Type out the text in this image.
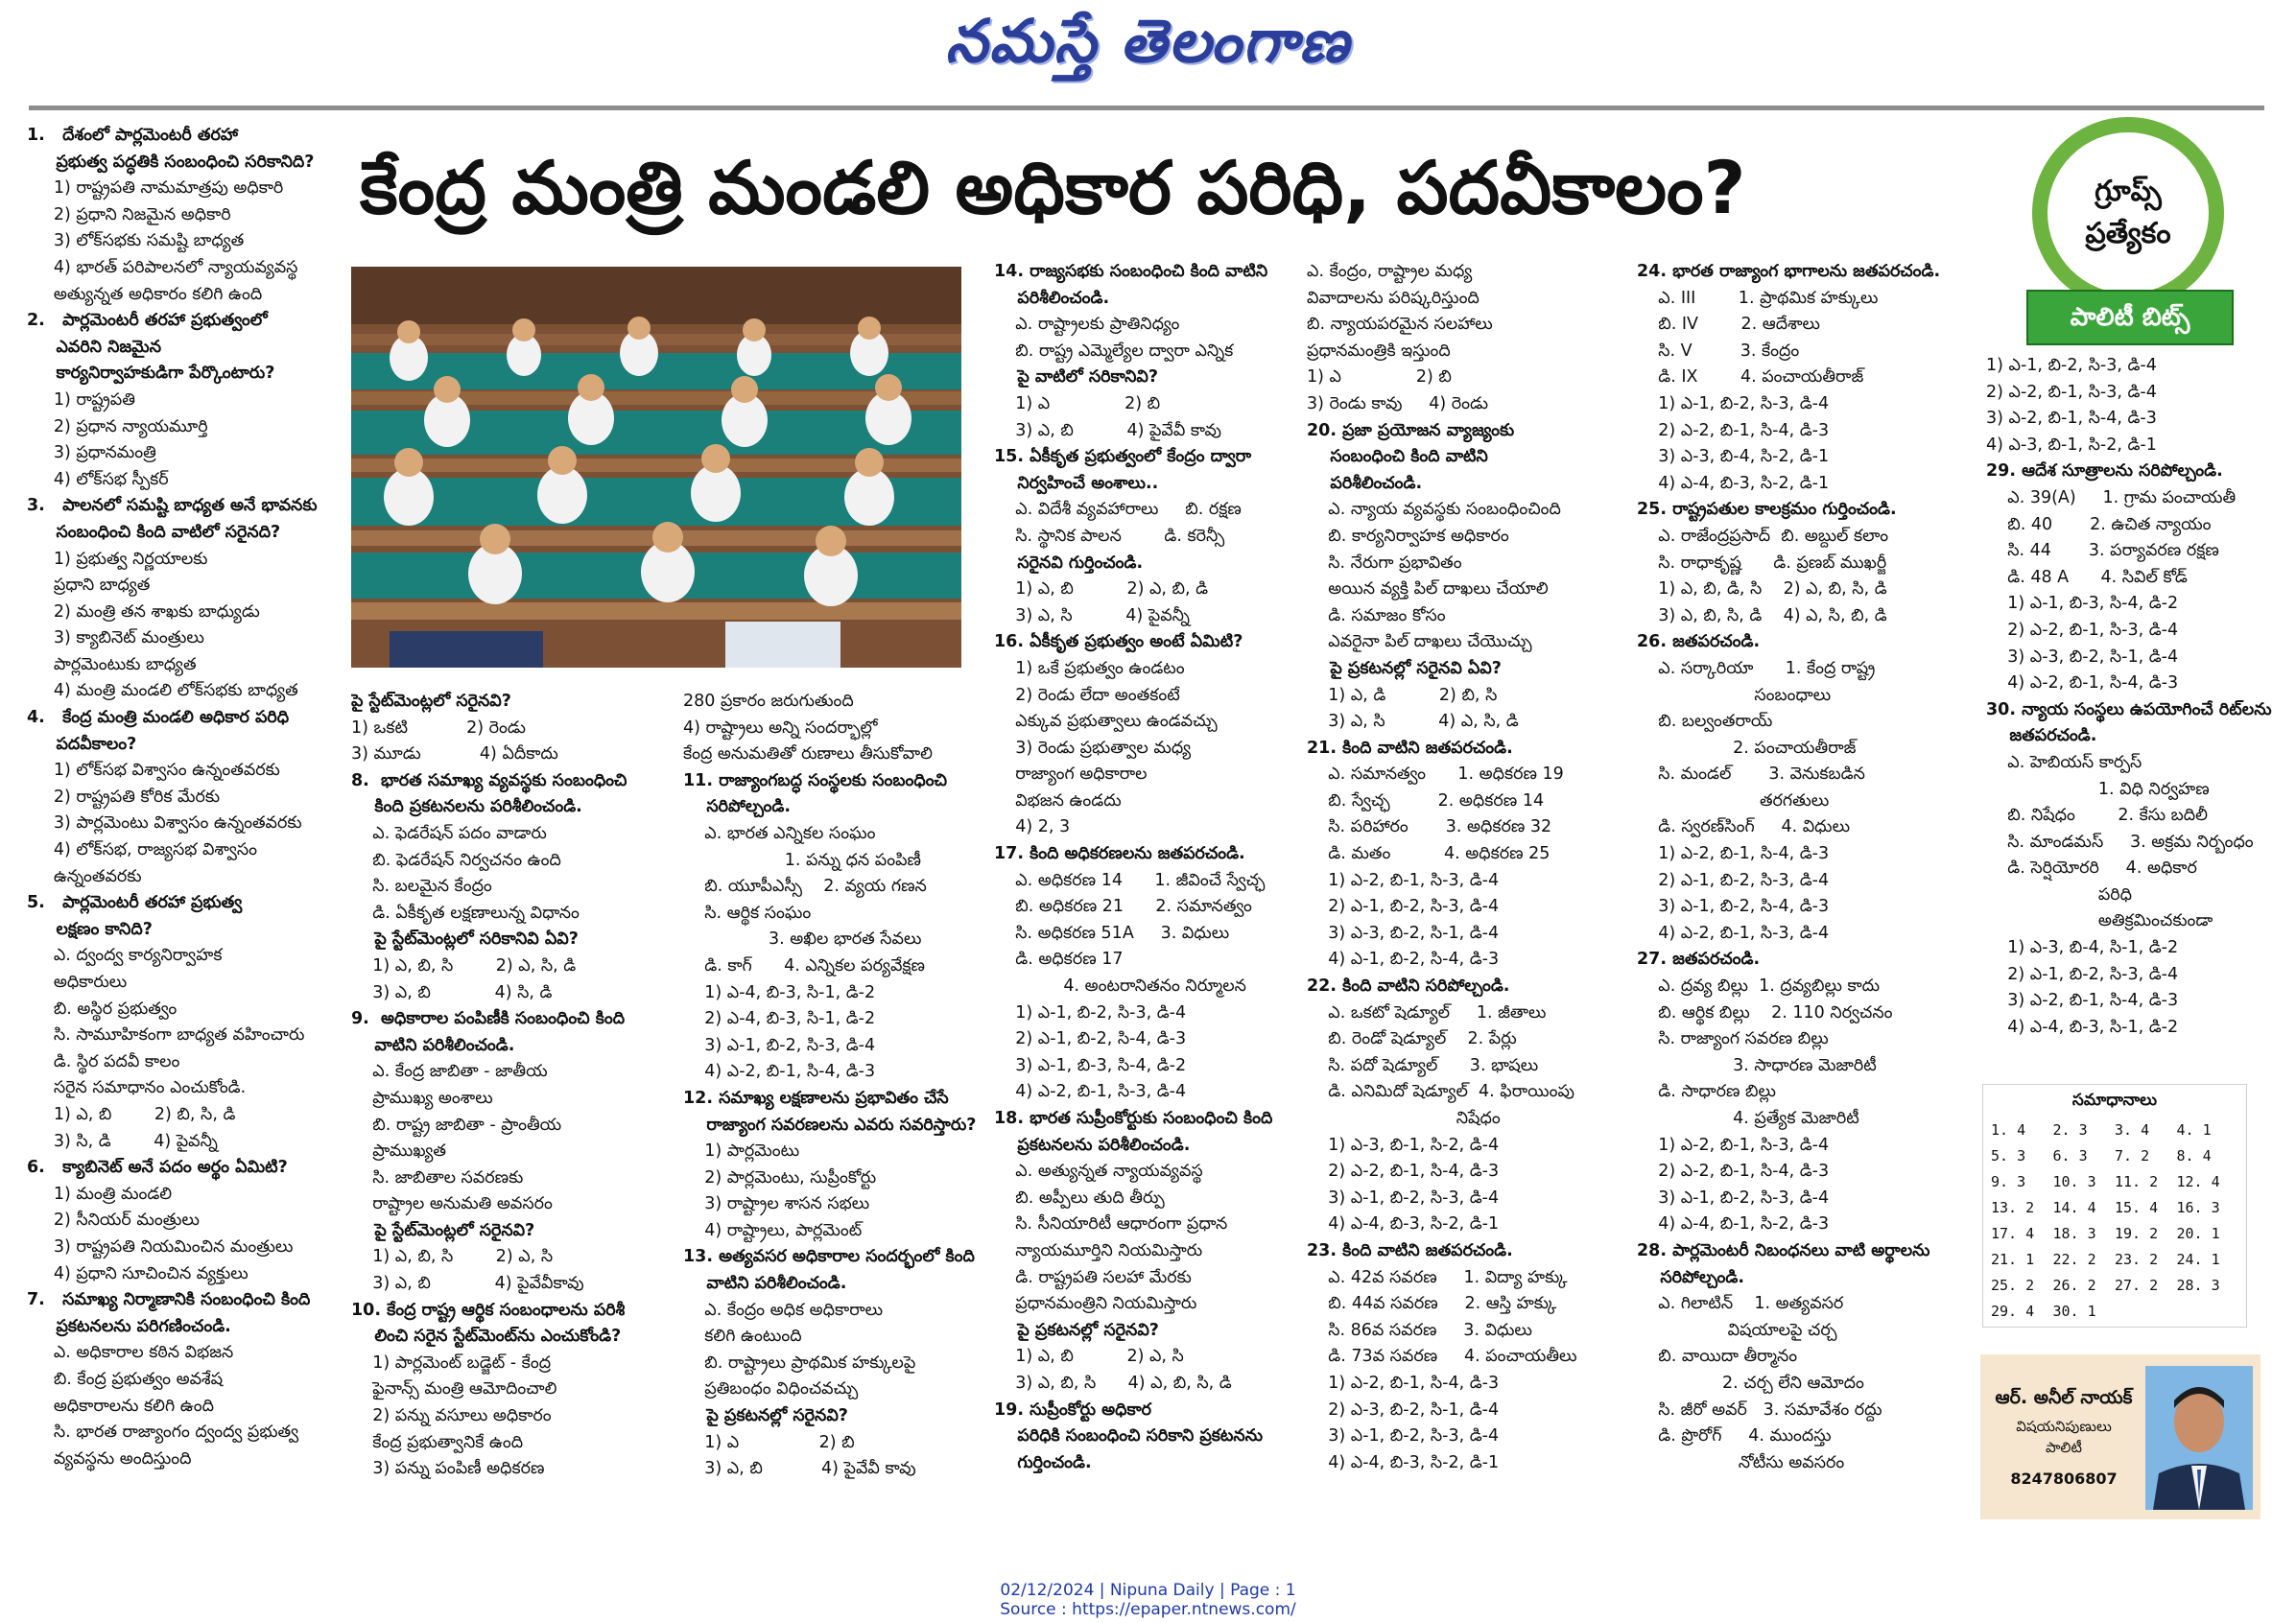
నమస్తే తెలంగాణ
కేంద్ర మంత్రి మండలి అధికార పరిధి, పదవీకాలం?	గ్రూప్స్
ప్రత్యేకం
పాలిటీ బిట్స్

1.   దేశంలో పార్లమెంటరీ తరహా

ప్రభుత్వ పద్ధతికి సంబంధించి సరికానిది?

1) రాష్ట్రపతి నామమాత్రపు అధికారి

2) ప్రధాని నిజమైన అధికారి

3) లోక్‌సభకు సమష్టి బాధ్యత

4) భారత్ పరిపాలనలో న్యాయవ్యవస్థ

అత్యున్నత అధికారం కలిగి ఉంది

2.   పార్లమెంటరీ తరహా ప్రభుత్వంలో

ఎవరిని నిజమైన

కార్యనిర్వాహకుడిగా పేర్కొంటారు?

1) రాష్ట్రపతి

2) ప్రధాన న్యాయమూర్తి

3) ప్రధానమంత్రి

4) లోక్‌సభ స్పీకర్

3.   పాలనలో సమష్టి బాధ్యత అనే భావనకు

సంబంధించి కింది వాటిలో సరైనది?

1) ప్రభుత్వ నిర్ణయాలకు

ప్రధాని బాధ్యత

2) మంత్రి తన శాఖకు బాధ్యుడు

3) క్యాబినెట్ మంత్రులు

పార్లమెంటుకు బాధ్యత

4) మంత్రి మండలి లోక్‌సభకు బాధ్యత

4.   కేంద్ర మంత్రి మండలి అధికార పరిధి

పదవీకాలం?

1) లోక్‌సభ విశ్వాసం ఉన్నంతవరకు

2) రాష్ట్రపతి కోరిక మేరకు

3) పార్లమెంటు విశ్వాసం ఉన్నంతవరకు

4) లోక్‌సభ, రాజ్యసభ విశ్వాసం

ఉన్నంతవరకు

5.   పార్లమెంటరీ తరహా ప్రభుత్వ

లక్షణం కానిది?

ఎ. ద్వంద్వ కార్యనిర్వాహక

అధికారులు

బి. అస్థిర ప్రభుత్వం

సి. సామూహికంగా బాధ్యత వహించారు

డి. స్థిర పదవీ కాలం

సరైన సమాధానం ఎంచుకోండి.

1) ఎ, బి        2) బి, సి, డి

3) సి, డి        4) పైవన్నీ

6.   క్యాబినెట్ అనే పదం అర్థం ఏమిటి?

1) మంత్రి మండలి

2) సీనియర్ మంత్రులు

3) రాష్ట్రపతి నియమించిన మంత్రులు

4) ప్రధాని సూచించిన వ్యక్తులు

7.   సమాఖ్య నిర్మాణానికి సంబంధించి కింది

ప్రకటనలను పరిగణించండి.

ఎ. అధికారాల కఠిన విభజన

బి. కేంద్ర ప్రభుత్వం అవశేష

అధికారాలను కలిగి ఉంది

సి. భారత రాజ్యాంగం ద్వంద్వ ప్రభుత్వ

వ్యవస్థను అందిస్తుంది

పై స్టేట్‌మెంట్లలో సరైనవి?

1) ఒకటి           2) రెండు

3) మూడు           4) ఏదీకాదు

8.  భారత సమాఖ్య వ్యవస్థకు సంబంధించి

కింది ప్రకటనలను పరిశీలించండి.

ఎ. ఫెడరేషన్ పదం వాడారు

బి. ఫెడరేషన్ నిర్వచనం ఉంది

సి. బలమైన కేంద్రం

డి. ఏకీకృత లక్షణాలున్న విధానం

పై స్టేట్‌మెంట్లలో సరికానివి ఏవి?

1) ఎ, బి, సి        2) ఎ, సి, డి

3) ఎ, బి            4) సి, డి

9.  అధికారాల పంపిణీకి సంబంధించి కింది

వాటిని పరిశీలించండి.

ఎ. కేంద్ర జాబితా - జాతీయ

ప్రాముఖ్య అంశాలు

బి. రాష్ట్ర జాబితా - ప్రాంతీయ

ప్రాముఖ్యత

సి. జాబితాల సవరణకు

రాష్ట్రాల అనుమతి అవసరం

పై స్టేట్‌మెంట్లలో సరైనవి?

1) ఎ, బి, సి        2) ఎ, సి

3) ఎ, బి            4) పైవేవీకావు

10. కేంద్ర రాష్ట్ర ఆర్థిక సంబంధాలను పరిశీ

లించి సరైన స్టేట్‌మెంట్‌ను ఎంచుకోండి?

1) పార్లమెంట్ బడ్జెట్ - కేంద్ర

ఫైనాన్స్ మంత్రి ఆమోదించాలి

2) పన్ను వసూలు అధికారం

కేంద్ర ప్రభుత్వానికే ఉంది

3) పన్ను పంపిణీ అధికరణ

280 ప్రకారం జరుగుతుంది

4) రాష్ట్రాలు అన్ని సందర్భాల్లో

కేంద్ర అనుమతితో రుణాలు తీసుకోవాలి

11. రాజ్యాంగబద్ధ సంస్థలకు సంబంధించి

సరిపోల్చండి.

ఎ. భారత ఎన్నికల సంఘం

1. పన్ను ధన పంపిణీ

బి. యూపీఎస్సీ    2. వ్యయ గణన

సి. ఆర్థిక సంఘం

3. అఖిల భారత సేవలు

డి. కాగ్      4. ఎన్నికల పర్యవేక్షణ

1) ఎ-4, బి-3, సి-1, డి-2

2) ఎ-4, బి-3, సి-1, డి-2

3) ఎ-1, బి-2, సి-3, డి-4

4) ఎ-2, బి-1, సి-4, డి-3

12. సమాఖ్య లక్షణాలను ప్రభావితం చేసే

రాజ్యాంగ సవరణలను ఎవరు సవరిస్తారు?

1) పార్లమెంటు

2) పార్లమెంటు, సుప్రీంకోర్టు

3) రాష్ట్రాల శాసన సభలు

4) రాష్ట్రాలు, పార్లమెంట్

13. అత్యవసర అధికారాల సందర్భంలో కింది

వాటిని పరిశీలించండి.

ఎ. కేంద్రం అధిక అధికారాలు

కలిగి ఉంటుంది

బి. రాష్ట్రాలు ప్రాథమిక హక్కులపై

ప్రతిబంధం విధించవచ్చు

పై ప్రకటనల్లో సరైనవి?

1) ఎ               2) బి

3) ఎ, బి           4) పైవేవీ కావు

14. రాజ్యసభకు సంబంధించి కింది వాటిని

పరిశీలించండి.

ఎ. రాష్ట్రాలకు ప్రాతినిధ్యం

బి. రాష్ట్ర ఎమ్మెల్యేల ద్వారా ఎన్నిక

పై వాటిలో సరికానివి?

1) ఎ              2) బి

3) ఎ, బి          4) పైవేవీ కావు

15. ఏకీకృత ప్రభుత్వంలో కేంద్రం ద్వారా

నిర్వహించే అంశాలు..

ఎ. విదేశీ వ్యవహారాలు     బి. రక్షణ

సి. స్థానిక పాలన        డి. కరెన్సీ

సరైనవి గుర్తించండి.

1) ఎ, బి          2) ఎ, బి, డి

3) ఎ, సి          4) పైవన్నీ

16. ఏకీకృత ప్రభుత్వం అంటే ఏమిటి?

1) ఒకే ప్రభుత్వం ఉండటం

2) రెండు లేదా అంతకంటే

ఎక్కువ ప్రభుత్వాలు ఉండవచ్చు

3) రెండు ప్రభుత్వాల మధ్య

రాజ్యాంగ అధికారాల

విభజన ఉండదు

4) 2, 3

17. కింది అధికరణలను జతపరచండి.

ఎ. అధికరణ 14      1. జీవించే స్వేచ్ఛ

బి. అధికరణ 21      2. సమానత్వం

సి. అధికరణ 51A     3. విధులు

డి. అధికరణ 17

4. అంటరానితనం నిర్మూలన

1) ఎ-1, బి-2, సి-3, డి-4

2) ఎ-1, బి-2, సి-4, డి-3

3) ఎ-1, బి-3, సి-4, డి-2

4) ఎ-2, బి-1, సి-3, డి-4

18. భారత సుప్రీంకోర్టుకు సంబంధించి కింది

ప్రకటనలను పరిశీలించండి.

ఎ. అత్యున్నత న్యాయవ్యవస్థ

బి. అప్పీలు తుది తీర్పు

సి. సీనియారిటీ ఆధారంగా ప్రధాన

న్యాయమూర్తిని నియమిస్తారు

డి. రాష్ట్రపతి సలహా మేరకు

ప్రధానమంత్రిని నియమిస్తారు

పై ప్రకటనల్లో సరైనవి?

1) ఎ, బి          2) ఎ, సి

3) ఎ, బి, సి      4) ఎ, బి, సి, డి

19. సుప్రీంకోర్టు అధికార

పరిధికి సంబంధించి సరికాని ప్రకటనను

గుర్తించండి.

ఎ. కేంద్రం, రాష్ట్రాల మధ్య

వివాదాలను పరిష్కరిస్తుంది

బి. న్యాయపరమైన సలహాలు

ప్రధానమంత్రికి ఇస్తుంది

1) ఎ              2) బి

3) రెండు కావు     4) రెండు

20. ప్రజా ప్రయోజన వ్యాజ్యంకు

సంబంధించి కింది వాటిని

పరిశీలించండి.

ఎ. న్యాయ వ్యవస్థకు సంబంధించింది

బి. కార్యనిర్వాహక అధికారం

సి. నేరుగా ప్రభావితం

అయిన వ్యక్తి పిల్ దాఖలు చేయాలి

డి. సమాజం కోసం

ఎవరైనా పిల్ దాఖలు చేయొచ్చు

పై ప్రకటనల్లో సరైనవి ఏవి?

1) ఎ, డి          2) బి, సి

3) ఎ, సి          4) ఎ, సి, డి

21. కింది వాటిని జతపరచండి.

ఎ. సమానత్వం      1. అధికరణ 19

బి. స్వేచ్ఛ         2. అధికరణ 14

సి. పరిహారం       3. అధికరణ 32

డి. మతం          4. అధికరణ 25

1) ఎ-2, బి-1, సి-3, డి-4

2) ఎ-1, బి-2, సి-3, డి-4

3) ఎ-3, బి-2, సి-1, డి-4

4) ఎ-1, బి-2, సి-4, డి-3

22. కింది వాటిని సరిపోల్చండి.

ఎ. ఒకటో షెడ్యూల్     1. జీతాలు

బి. రెండో షెడ్యూల్    2. పేర్లు

సి. పదో షెడ్యూల్      3. భాషలు

డి. ఎనిమిదో షెడ్యూల్  4. ఫిరాయింపు

నిషేధం

1) ఎ-3, బి-1, సి-2, డి-4

2) ఎ-2, బి-1, సి-4, డి-3

3) ఎ-1, బి-2, సి-3, డి-4

4) ఎ-4, బి-3, సి-2, డి-1

23. కింది వాటిని జతపరచండి.

ఎ. 42వ సవరణ     1. విద్యా హక్కు

బి. 44వ సవరణ     2. ఆస్తి హక్కు

సి. 86వ సవరణ     3. విధులు

డి. 73వ సవరణ     4. పంచాయతీలు

1) ఎ-2, బి-1, సి-4, డి-3

2) ఎ-3, బి-2, సి-1, డి-4

3) ఎ-1, బి-2, సి-3, డి-4

4) ఎ-4, బి-3, సి-2, డి-1

24. భారత రాజ్యాంగ భాగాలను జతపరచండి.

ఎ. III        1. ప్రాథమిక హక్కులు

బి. IV        2. ఆదేశాలు

సి. V         3. కేంద్రం

డి. IX        4. పంచాయతీరాజ్

1) ఎ-1, బి-2, సి-3, డి-4

2) ఎ-2, బి-1, సి-4, డి-3

3) ఎ-3, బి-4, సి-2, డి-1

4) ఎ-4, బి-3, సి-2, డి-1

25. రాష్ట్రపతుల కాలక్రమం గుర్తించండి.

ఎ. రాజేంద్రప్రసాద్  బి. అబ్దుల్ కలాం

సి. రాధాకృష్ణ      డి. ప్రణబ్ ముఖర్జీ

1) ఎ, బి, డి, సి    2) ఎ, బి, సి, డి

3) ఎ, బి, సి, డి    4) ఎ, సి, బి, డి

26. జతపరచండి.

ఎ. సర్కారియా      1. కేంద్ర రాష్ట్ర

సంబంధాలు

బి. బల్వంతరాయ్

2. పంచాయతీరాజ్

సి. మండల్       3. వెనుకబడిన

తరగతులు

డి. స్వరణ్‌సింగ్     4. విధులు

1) ఎ-2, బి-1, సి-4, డి-3

2) ఎ-1, బి-2, సి-3, డి-4

3) ఎ-1, బి-2, సి-4, డి-3

4) ఎ-2, బి-1, సి-3, డి-4

27. జతపరచండి.

ఎ. ద్రవ్య బిల్లు  1. ద్రవ్యబిల్లు కాదు

బి. ఆర్థిక బిల్లు    2. 110 నిర్వచనం

సి. రాజ్యాంగ సవరణ బిల్లు

3. సాధారణ మెజారిటీ

డి. సాధారణ బిల్లు

4. ప్రత్యేక మెజారిటీ

1) ఎ-2, బి-1, సి-3, డి-4

2) ఎ-2, బి-1, సి-4, డి-3

3) ఎ-1, బి-2, సి-3, డి-4

4) ఎ-4, బి-1, సి-2, డి-3

28. పార్లమెంటరీ నిబంధనలు వాటి అర్థాలను

సరిపోల్చండి.

ఎ. గిలాటిన్    1. అత్యవసర

విషయాలపై చర్చ

బి. వాయిదా తీర్మానం

2. చర్చ లేని ఆమోదం

సి. జీరో అవర్   3. సమావేశం రద్దు

డి. ప్రొరోగ్     4. ముందస్తు

నోటీసు అవసరం

1) ఎ-1, బి-2, సి-3, డి-4

2) ఎ-2, బి-1, సి-3, డి-4

3) ఎ-2, బి-1, సి-4, డి-3

4) ఎ-3, బి-1, సి-2, డి-1

29. ఆదేశ సూత్రాలను సరిపోల్చండి.

ఎ. 39(A)     1. గ్రామ పంచాయతీ

బి. 40       2. ఉచిత న్యాయం

సి. 44       3. పర్యావరణ రక్షణ

డి. 48 A      4. సివిల్ కోడ్

1) ఎ-1, బి-3, సి-4, డి-2

2) ఎ-2, బి-1, సి-3, డి-4

3) ఎ-3, బి-2, సి-1, డి-4

4) ఎ-2, బి-1, సి-4, డి-3

30. న్యాయ సంస్థలు ఉపయోగించే రిట్‌లను

జతపరచండి.

ఎ. హెబియస్ కార్పస్

1. విధి నిర్వహణ

బి. నిషేధం        2. కేసు బదిలీ

సి. మాండమస్     3. అక్రమ నిర్బంధం

డి. సెర్షియోరరి     4. అధికార

పరిధి

అతిక్రమించకుండా

1) ఎ-3, బి-4, సి-1, డి-2

2) ఎ-1, బి-2, సి-3, డి-4

3) ఎ-2, బి-1, సి-4, డి-3

4) ఎ-4, బి-3, సి-1, డి-2

సమాధానాలు
1. 4	2. 3	3. 4	4. 1
5. 3	6. 3	7. 2	8. 4
9. 3	10. 3	11. 2	12. 4
13. 2	14. 4	15. 4	16. 3
17. 4	18. 3	19. 2	20. 1
21. 1	22. 2	23. 2	24. 1
25. 2	26. 2	27. 2	28. 3
29. 4	30. 1
ఆర్. అనీల్ నాయక్
విషయనిపుణులు
పాలిటీ
8247806807
02/12/2024 | Nipuna Daily | Page : 1
Source : https://epaper.ntnews.com/
